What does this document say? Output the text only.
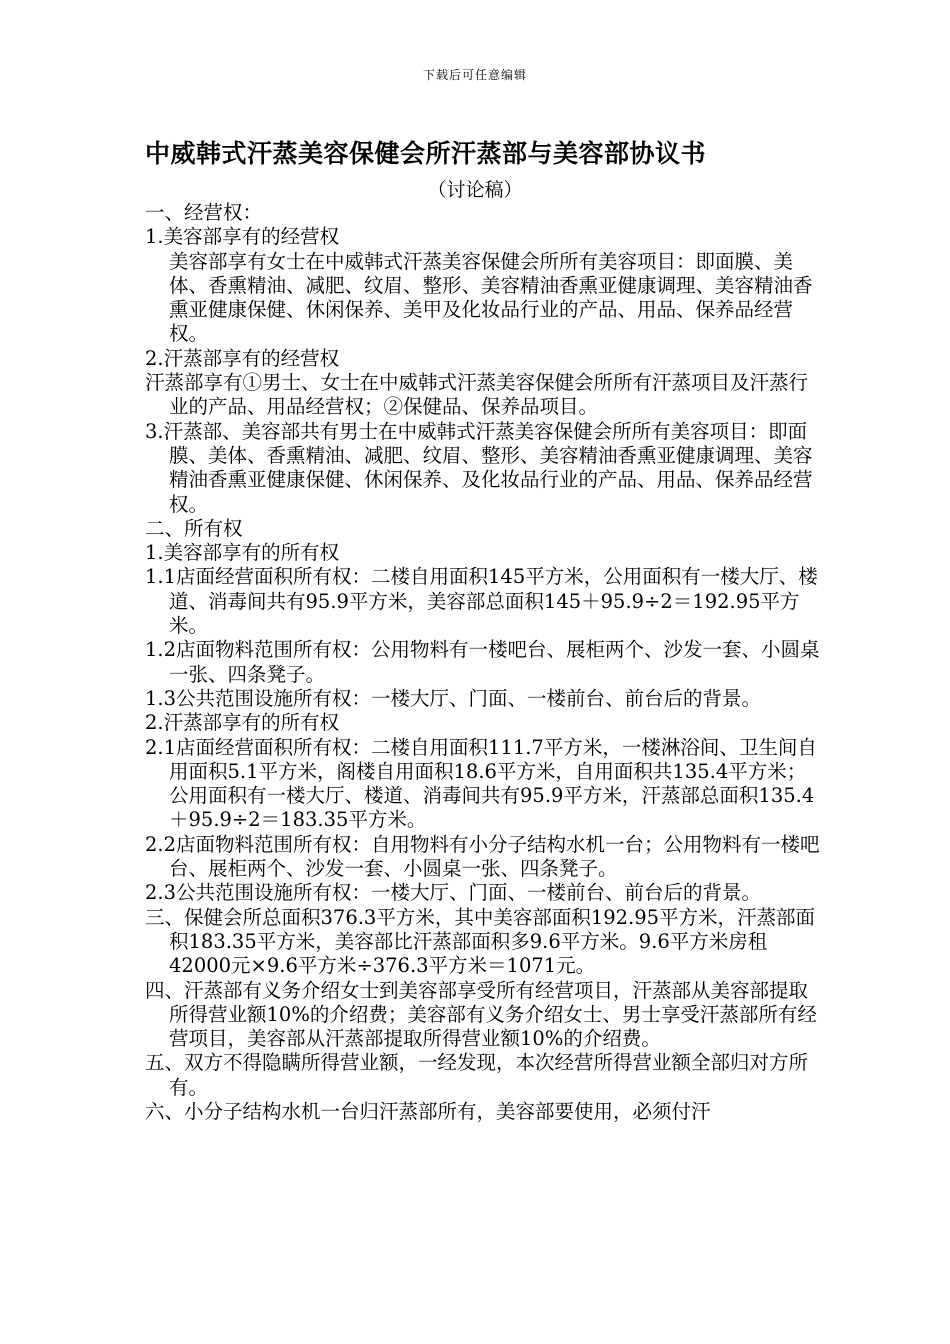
下载后可任意编辑
中威韩式汗蒸美容保健会所汗蒸部与美容部协议书
（讨论稿）

一、经营权：

1.美容部享有的经营权

美容部享有女士在中威韩式汗蒸美容保健会所所有美容项目：即面膜、美体、香熏精油、减肥、纹眉、整形、美容精油香熏亚健康调理、美容精油香熏亚健康保健、休闲保养、美甲及化妆品行业的产品、用品、保养品经营权。

2.汗蒸部享有的经营权

汗蒸部享有①男士、女士在中威韩式汗蒸美容保健会所所有汗蒸项目及汗蒸行业的产品、用品经营权；②保健品、保养品项目。

3.汗蒸部、美容部共有男士在中威韩式汗蒸美容保健会所所有美容项目：即面膜、美体、香熏精油、减肥、纹眉、整形、美容精油香熏亚健康调理、美容精油香熏亚健康保健、休闲保养、及化妆品行业的产品、用品、保养品经营权。

二、所有权

1.美容部享有的所有权

1.1店面经营面积所有权：二楼自用面积145平方米，公用面积有一楼大厅、楼道、消毒间共有95.9平方米，美容部总面积145＋95.9÷2＝192.95平方米。

1.2店面物料范围所有权：公用物料有一楼吧台、展柜两个、沙发一套、小圆桌一张、四条凳子。

1.3公共范围设施所有权：一楼大厅、门面、一楼前台、前台后的背景。

2.汗蒸部享有的所有权

2.1店面经营面积所有权：二楼自用面积111.7平方米，一楼淋浴间、卫生间自用面积5.1平方米，阁楼自用面积18.6平方米，自用面积共135.4平方米；公用面积有一楼大厅、楼道、消毒间共有95.9平方米，汗蒸部总面积135.4＋95.9÷2＝183.35平方米。

2.2店面物料范围所有权：自用物料有小分子结构水机一台；公用物料有一楼吧台、展柜两个、沙发一套、小圆桌一张、四条凳子。

2.3公共范围设施所有权：一楼大厅、门面、一楼前台、前台后的背景。

三、保健会所总面积376.3平方米，其中美容部面积192.95平方米，汗蒸部面积183.35平方米，美容部比汗蒸部面积多9.6平方米。9.6平方米房租42000元×9.6平方米÷376.3平方米＝1071元。

四、汗蒸部有义务介绍女士到美容部享受所有经营项目，汗蒸部从美容部提取所得营业额10%的介绍费；美容部有义务介绍女士、男士享受汗蒸部所有经营项目，美容部从汗蒸部提取所得营业额10%的介绍费。

五、双方不得隐瞒所得营业额，一经发现，本次经营所得营业额全部归对方所有。

六、小分子结构水机一台归汗蒸部所有，美容部要使用，必须付汗
